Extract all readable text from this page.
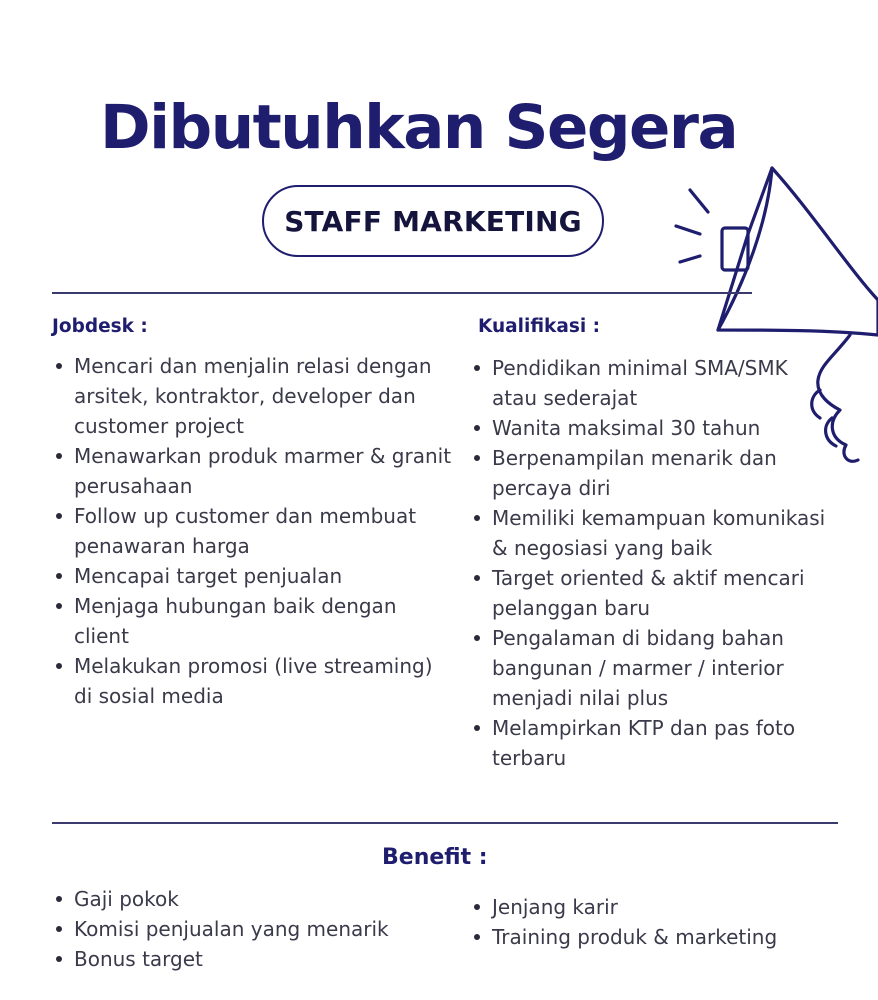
Dibutuhkan Segera
STAFF MARKETING
Jobdesk :
Mencari dan menjalin relasi dengan arsitek, kontraktor, developer dan customer project
Menawarkan produk marmer & granit perusahaan
Follow up customer dan membuat penawaran harga
Mencapai target penjualan
Menjaga hubungan baik dengan client
Melakukan promosi (live streaming) di sosial media
Kualifikasi :
Pendidikan minimal SMA/SMK atau sederajat
Wanita maksimal 30 tahun
Berpenampilan menarik dan percaya diri
Memiliki kemampuan komunikasi & negosiasi yang baik
Target oriented & aktif mencari pelanggan baru
Pengalaman di bidang bahan bangunan / marmer / interior menjadi nilai plus
Melampirkan KTP dan pas foto terbaru
Benefit :
Gaji pokok
Komisi penjualan yang menarik
Bonus target
Jenjang karir
Training produk & marketing
